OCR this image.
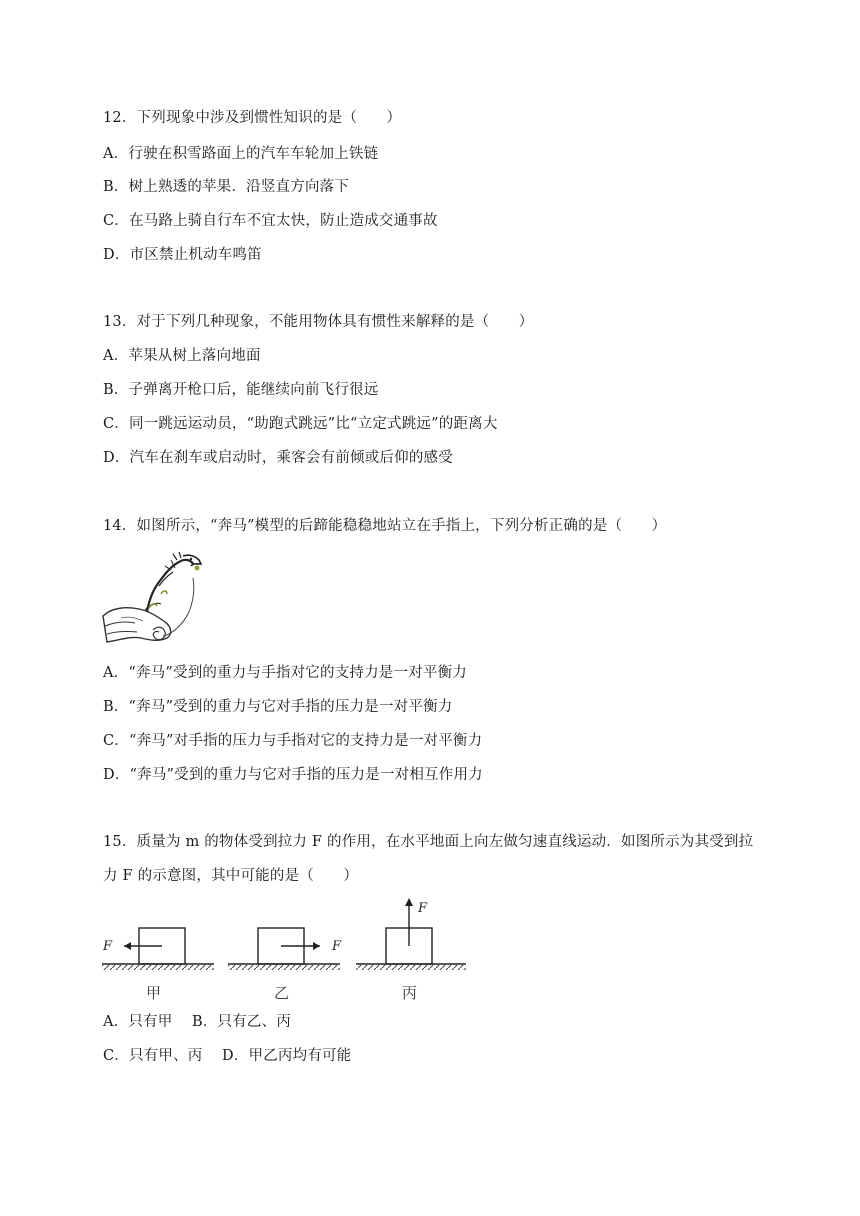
12．下列现象中涉及到惯性知识的是（　　）
A．行驶在积雪路面上的汽车车轮加上铁链
B．树上熟透的苹果．沿竖直方向落下
C．在马路上骑自行车不宜太快，防止造成交通事故
D．市区禁止机动车鸣笛
13．对于下列几种现象，不能用物体具有惯性来解释的是（　　）
A．苹果从树上落向地面
B．子弹离开枪口后，能继续向前飞行很远
C．同一跳远运动员，“助跑式跳远”比“立定式跳远”的距离大
D．汽车在刹车或启动时，乘客会有前倾或后仰的感受
14．如图所示，“奔马”模型的后蹄能稳稳地站立在手指上，下列分析正确的是（　　）
A．“奔马”受到的重力与手指对它的支持力是一对平衡力
B．“奔马”受到的重力与它对手指的压力是一对平衡力
C．“奔马”对手指的压力与手指对它的支持力是一对平衡力
D．“奔马”受到的重力与它对手指的压力是一对相互作用力
15．质量为 m 的物体受到拉力 F 的作用，在水平地面上向左做匀速直线运动．如图所示为其受到拉
力 F 的示意图，其中可能的是（　　）
F
甲
F
乙
F
丙
A．只有甲　 B．只有乙、丙
C．只有甲、丙　 D．甲乙丙均有可能
